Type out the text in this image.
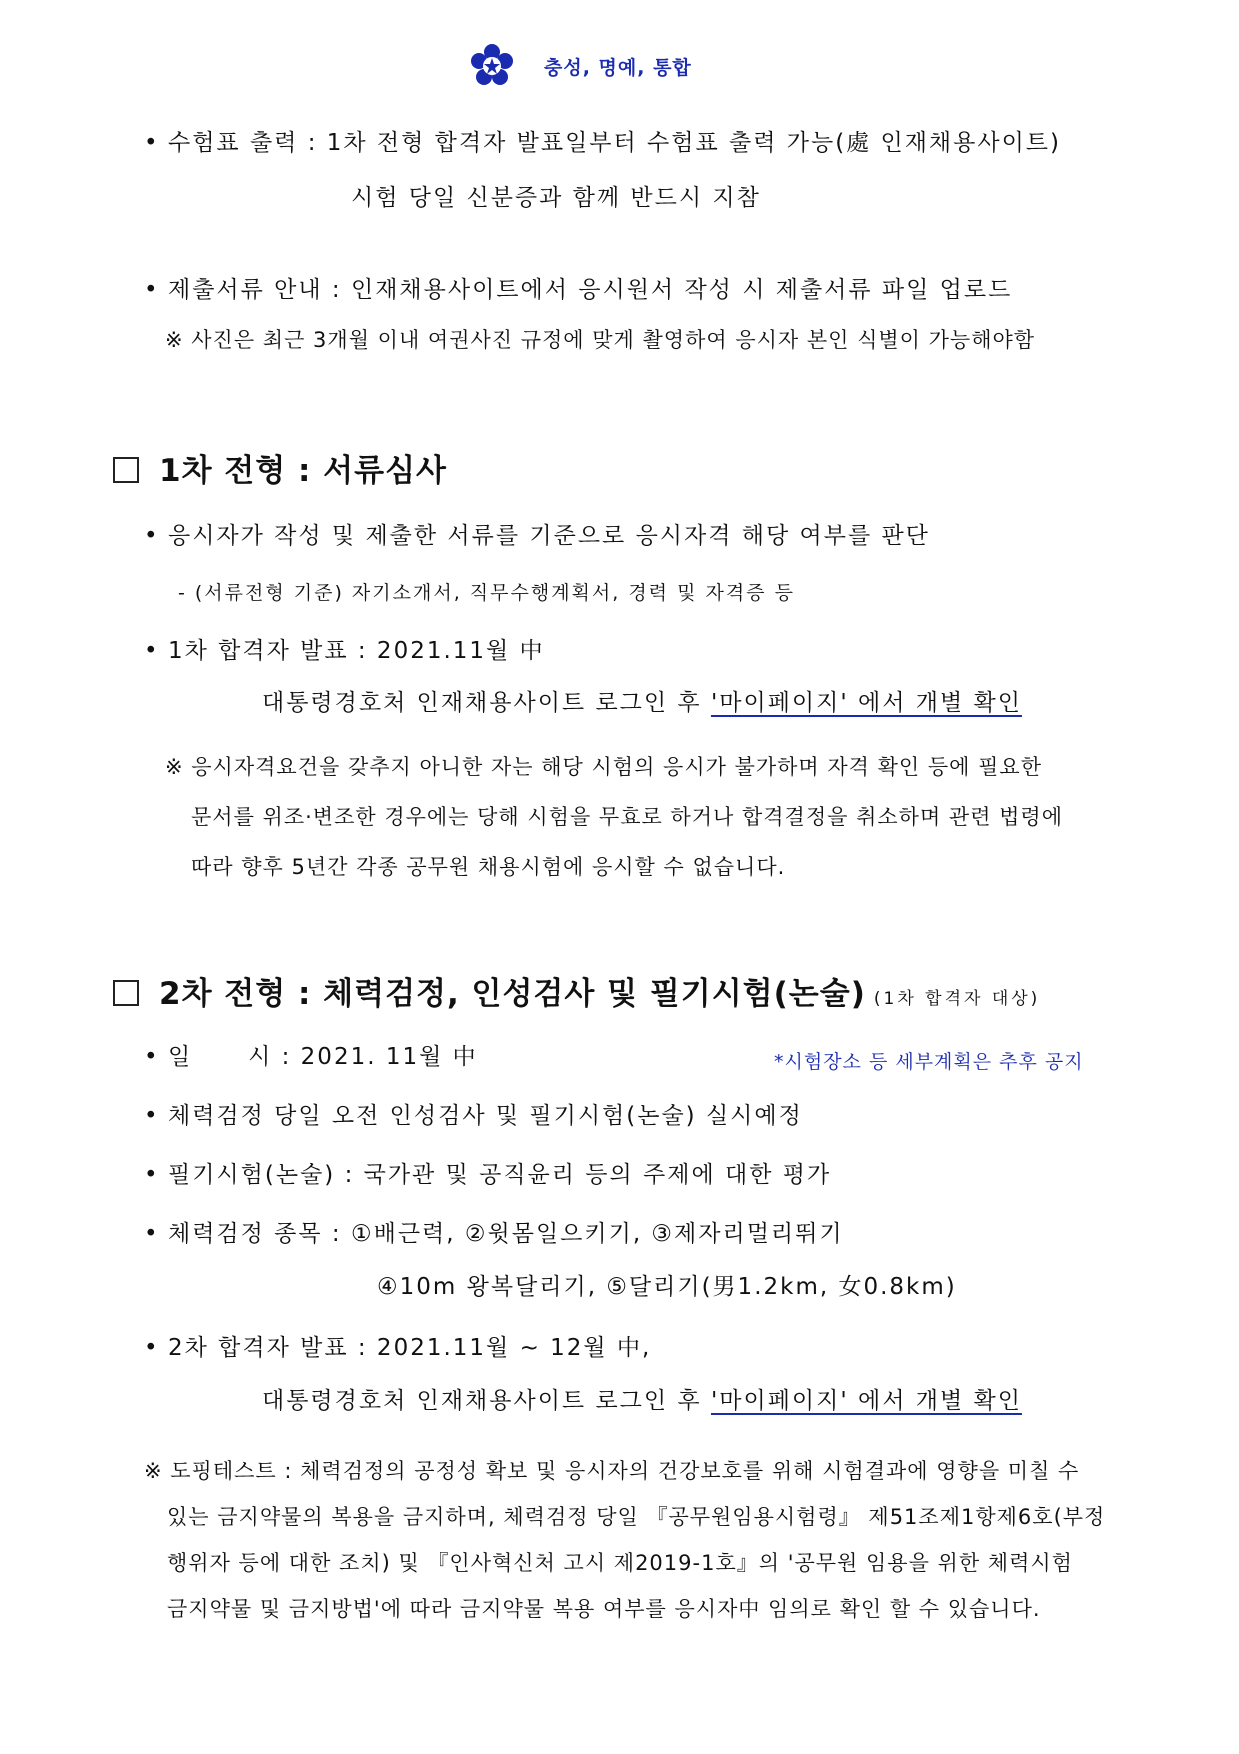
충성, 명예, 통합
• 수험표 출력 : 1차 전형 합격자 발표일부터 수험표 출력 가능(處 인재채용사이트)
시험 당일 신분증과 함께 반드시 지참
• 제출서류 안내 : 인재채용사이트에서 응시원서 작성 시 제출서류 파일 업로드
※ 사진은 최근 3개월 이내 여권사진 규정에 맞게 촬영하여 응시자 본인 식별이 가능해야함
1차 전형 : 서류심사
• 응시자가 작성 및 제출한 서류를 기준으로 응시자격 해당 여부를 판단
- (서류전형 기준) 자기소개서, 직무수행계획서, 경력 및 자격증 등
• 1차 합격자 발표 : 2021.11월 中
대통령경호처 인재채용사이트 로그인 후 '마이페이지' 에서 개별 확인
※ 응시자격요건을 갖추지 아니한 자는 해당 시험의 응시가 불가하며 자격 확인 등에 필요한
문서를 위조·변조한 경우에는 당해 시험을 무효로 하거나 합격결정을 취소하며 관련 법령에
따라 향후 5년간 각종 공무원 채용시험에 응시할 수 없습니다.
2차 전형 : 체력검정, 인성검사 및 필기시험(논술) (1차 합격자 대상)
• 일      시 : 2021. 11월 中	*시험장소 등 세부계획은 추후 공지
• 체력검정 당일 오전 인성검사 및 필기시험(논술) 실시예정
• 필기시험(논술) : 국가관 및 공직윤리 등의 주제에 대한 평가
• 체력검정 종목 : ①배근력, ②윗몸일으키기, ③제자리멀리뛰기
④10m 왕복달리기, ⑤달리기(男1.2km, 女0.8km)
• 2차 합격자 발표 : 2021.11월 ~ 12월 中,
대통령경호처 인재채용사이트 로그인 후 '마이페이지' 에서 개별 확인
※ 도핑테스트 : 체력검정의 공정성 확보 및 응시자의 건강보호를 위해 시험결과에 영향을 미칠 수
있는 금지약물의 복용을 금지하며, 체력검정 당일 『공무원임용시험령』 제51조제1항제6호(부정
행위자 등에 대한 조치) 및 『인사혁신처 고시 제2019-1호』의 '공무원 임용을 위한 체력시험
금지약물 및 금지방법'에 따라 금지약물 복용 여부를 응시자中 임의로 확인 할 수 있습니다.
